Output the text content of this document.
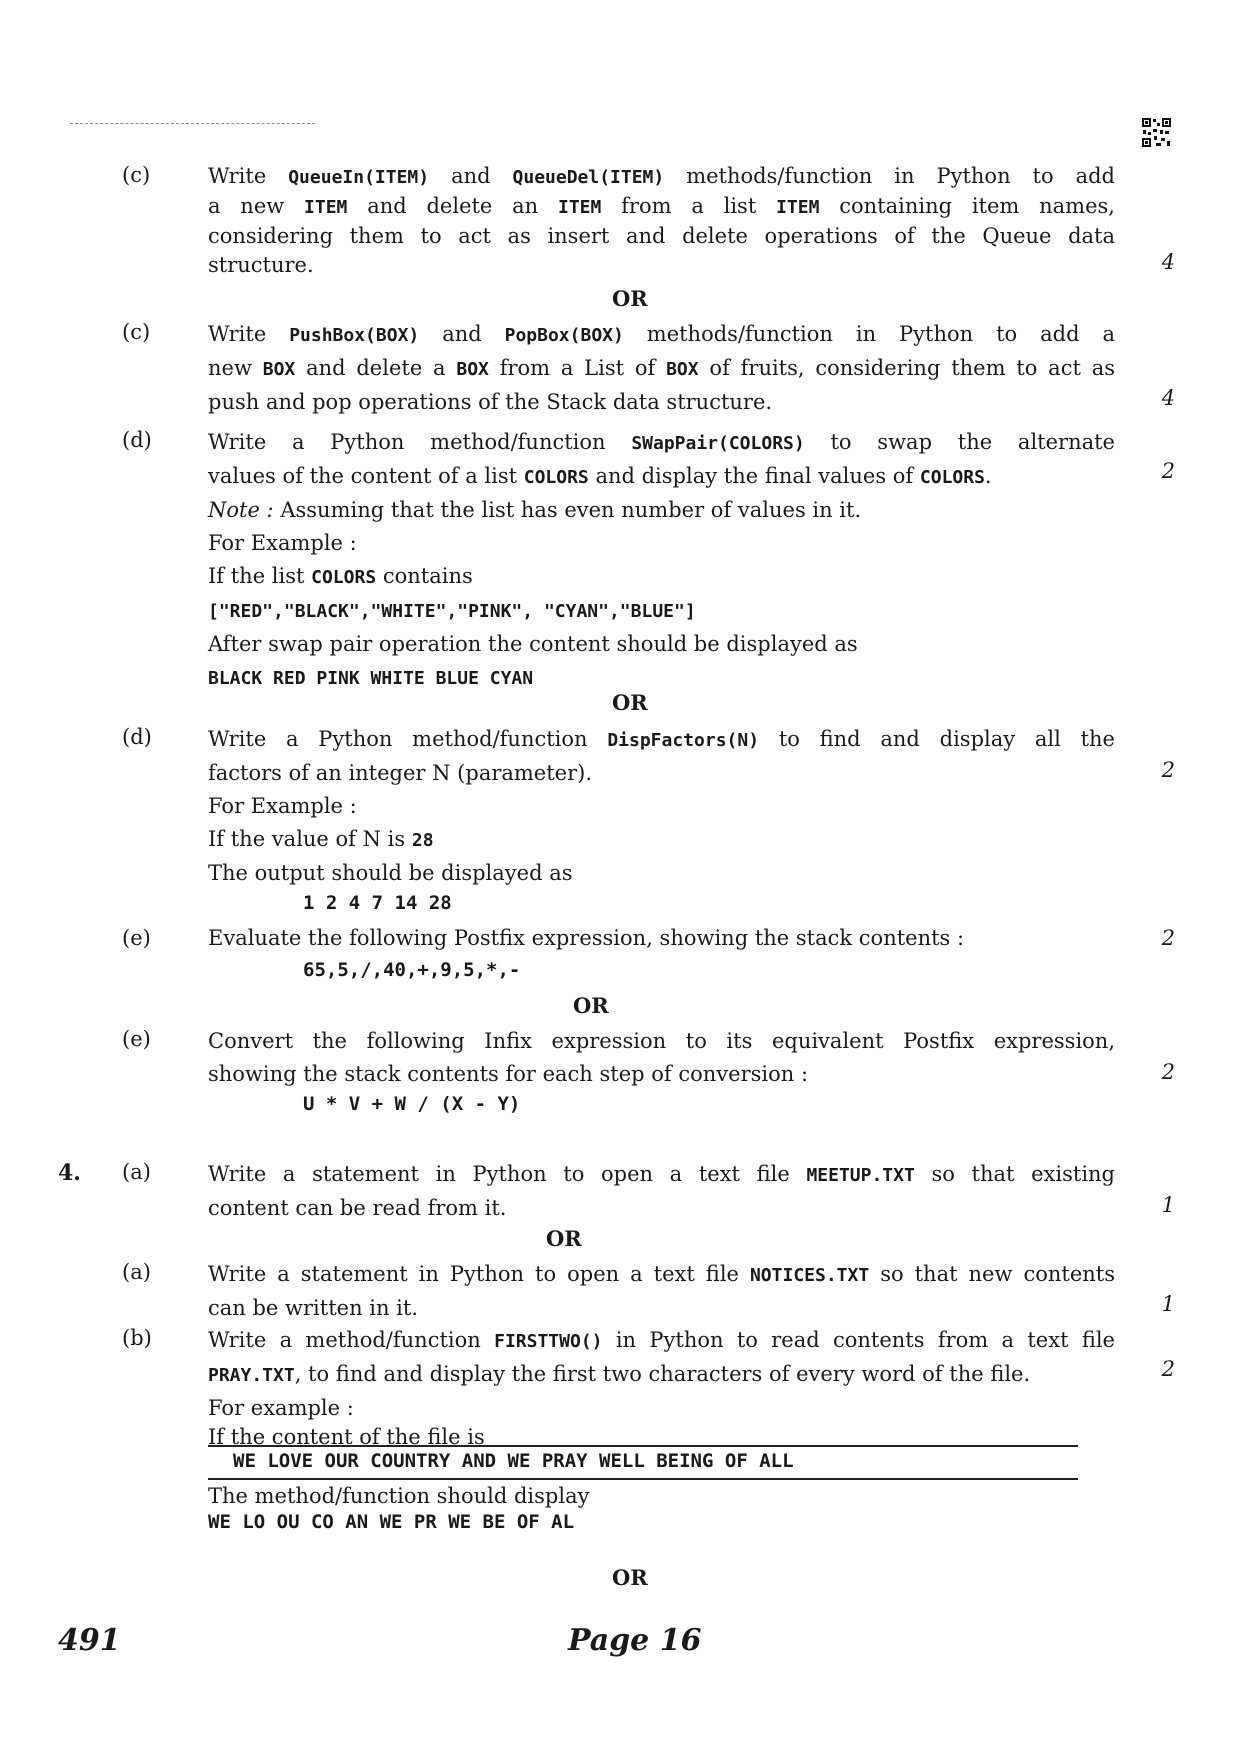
(c)	Write QueueIn(ITEM) and QueueDel(ITEM) methods/function in Python to add

a new ITEM and delete an ITEM from a list ITEM containing item names,

considering them to act as insert and delete operations of the Queue data

structure.	4
OR
(c)	Write PushBox(BOX) and PopBox(BOX) methods/function in Python to add a

new BOX and delete a BOX from a List of BOX of fruits, considering them to act as

push and pop operations of the Stack data structure.	4
(d)	Write a Python method/function SWapPair(COLORS) to swap the alternate

values of the content of a list COLORS and display the final values of COLORS.

Note : Assuming that the list has even number of values in it.

For Example :

If the list COLORS contains

["RED","BLACK","WHITE","PINK", "CYAN","BLUE"]

After swap pair operation the content should be displayed as

BLACK RED PINK WHITE BLUE CYAN

2
OR
(d)	Write a Python method/function DispFactors(N) to find and display all the

factors of an integer N (parameter).

For Example :

If the value of N is 28

The output should be displayed as

1 2 4 7 14 28
2
(e)	Evaluate the following Postfix expression, showing the stack contents :

65,5,/,40,+,9,5,*,-
2
OR
(e)	Convert the following Infix expression to its equivalent Postfix expression,

showing the stack contents for each step of conversion :

U * V + W / (X - Y)
2
4. (a)	Write a statement in Python to open a text file MEETUP.TXT so that existing

content can be read from it.	1
OR
(a)	Write a statement in Python to open a text file NOTICES.TXT so that new contents

can be written in it.	1
(b)	Write a method/function FIRSTTWO() in Python to read contents from a text file

PRAY.TXT, to find and display the first two characters of every word of the file.

For example :

If the content of the file is

WE LOVE OUR COUNTRY AND WE PRAY WELL BEING OF ALL

The method/function should display

WE LO OU CO AN WE PR WE BE OF AL
2
OR
491	Page 16
